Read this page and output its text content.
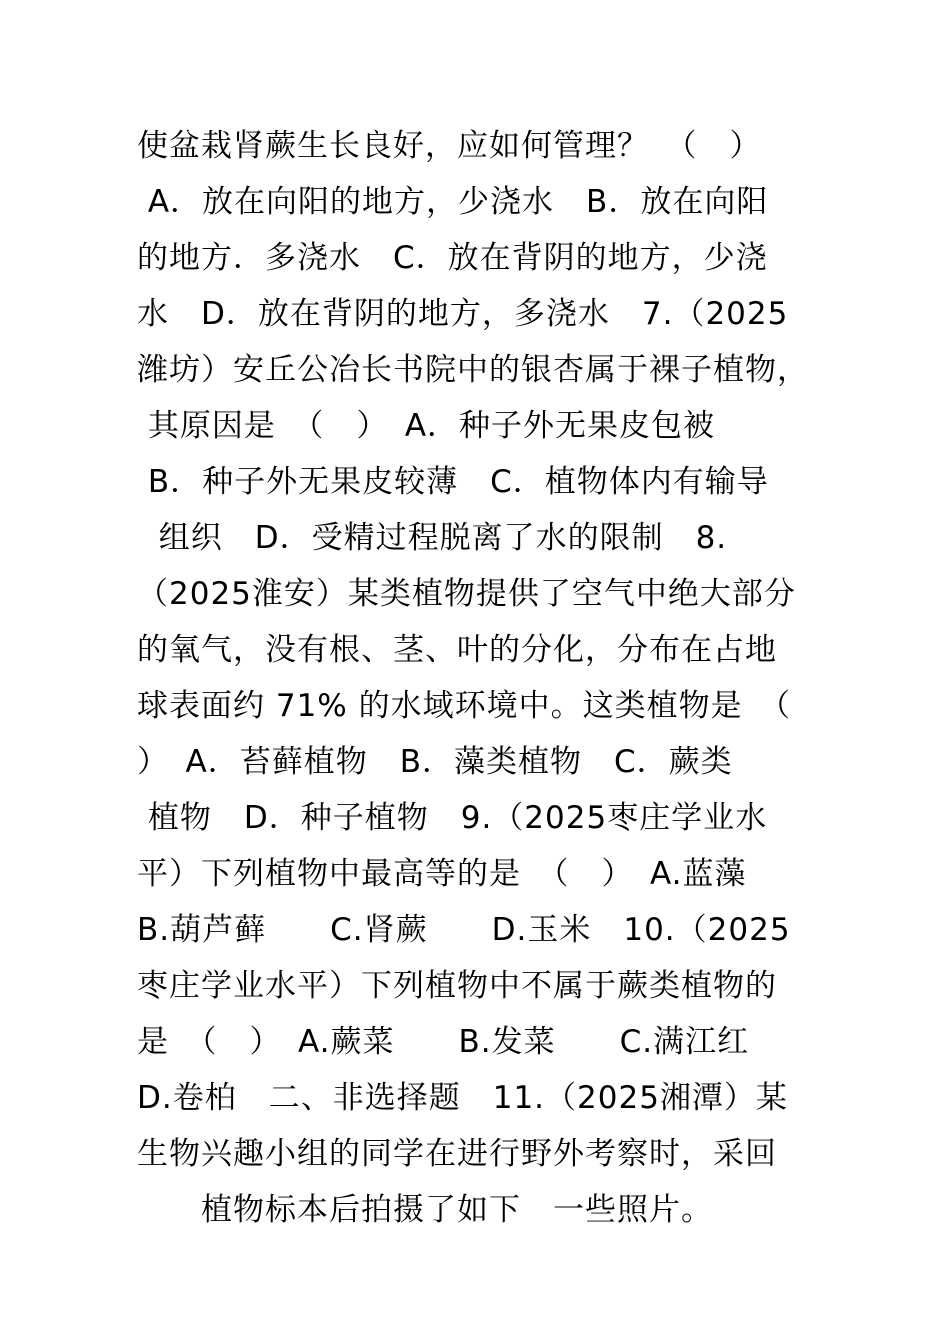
使盆栽肾蕨生长良好，应如何管理？　（　）
A．放在向阳的地方，少浇水　B．放在向阳
的地方．多浇水　C．放在背阴的地方，少浇
水　D．放在背阴的地方，多浇水　7.（2025
潍坊）安丘公冶长书院中的银杏属于裸子植物，
其原因是　（　）　A．种子外无果皮包被
B．种子外无果皮较薄　C．植物体内有输导
组织　D．受精过程脱离了水的限制　8.
（2025淮安）某类植物提供了空气中绝大部分
的氧气，没有根、茎、叶的分化，分布在占地
球表面约 71% 的水域环境中。这类植物是　（
）　A．苔藓植物　B．藻类植物　C．蕨类
植物　D．种子植物　9.（2025枣庄学业水
平）下列植物中最高等的是　（　）　A.蓝藻
B.葫芦藓　　C.肾蕨　　D.玉米　10.（2025
枣庄学业水平）下列植物中不属于蕨类植物的
是　（　）　A.蕨菜　　B.发菜　　C.满江红
D.卷柏　二、非选择题　11.（2025湘潭）某
生物兴趣小组的同学在进行野外考察时，采回
　　植物标本后拍摄了如下　一些照片。
